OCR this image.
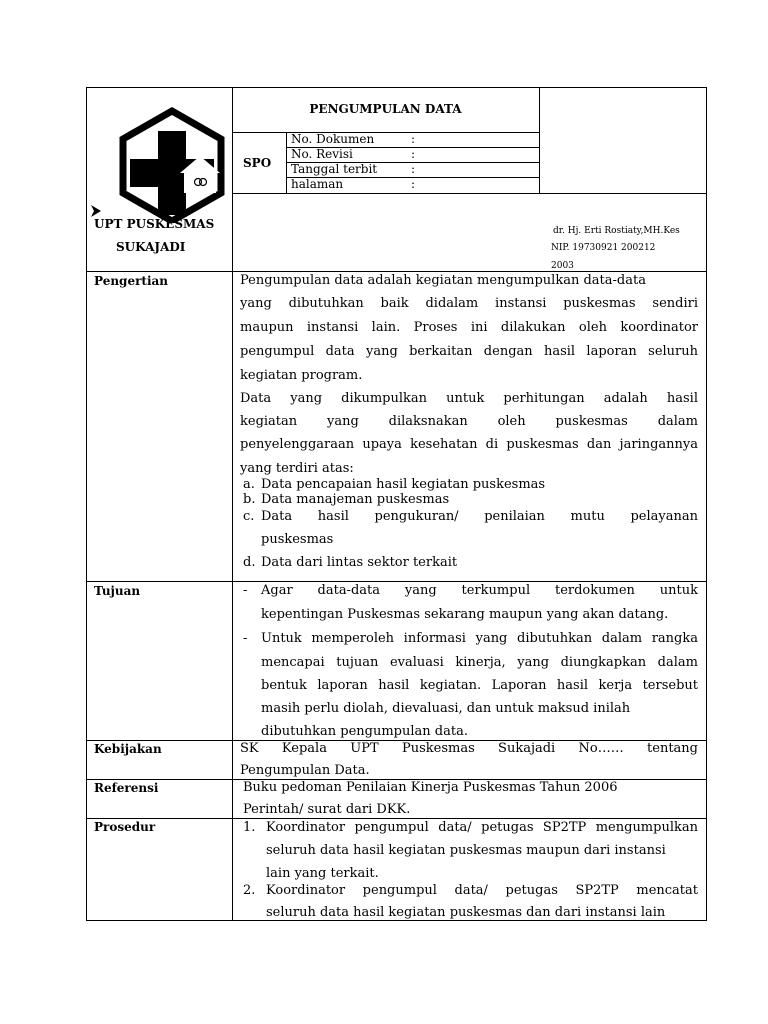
PENGUMPULAN DATA
SPO
No. Dokumen	:
No. Revisi	:
Tanggal terbit	:
halaman	:
UPT PUSKESMAS
SUKAJADI
dr. Hj. Erti Rostiaty,MH.Kes
NIP. 19730921 200212
2003
Pengertian	Pengumpulan data adalah kegiatan mengumpulkan data-data
yang dibutuhkan baik didalam instansi puskesmas sendiri
maupun instansi lain. Proses ini dilakukan oleh koordinator
pengumpul data yang berkaitan dengan hasil laporan seluruh
kegiatan program.
Data yang dikumpulkan untuk perhitungan adalah hasil
kegiatan yang dilaksnakan oleh puskesmas dalam
penyelenggaraan upaya kesehatan di puskesmas dan jaringannya
yang terdiri atas:
a. Data pencapaian hasil kegiatan puskesmas
b. Data manajeman puskesmas
c. Data hasil pengukuran/ penilaian mutu pelayanan
puskesmas
d. Data dari lintas sektor terkait
Tujuan	- Agar data-data yang terkumpul terdokumen untuk
kepentingan Puskesmas sekarang maupun yang akan datang.
- Untuk memperoleh informasi yang dibutuhkan dalam rangka
mencapai tujuan evaluasi kinerja, yang diungkapkan dalam
bentuk laporan hasil kegiatan. Laporan hasil kerja tersebut
masih perlu diolah, dievaluasi, dan untuk maksud inilah
dibutuhkan pengumpulan data.
Kebijakan	SK Kepala UPT Puskesmas Sukajadi No…… tentang
Pengumpulan Data.
Referensi	Buku pedoman Penilaian Kinerja Puskesmas Tahun 2006
Perintah/ surat dari DKK.
Prosedur	1. Koordinator pengumpul data/ petugas SP2TP mengumpulkan
seluruh data hasil kegiatan puskesmas maupun dari instansi
lain yang terkait.
2. Koordinator pengumpul data/ petugas SP2TP mencatat
seluruh data hasil kegiatan puskesmas dan dari instansi lain
